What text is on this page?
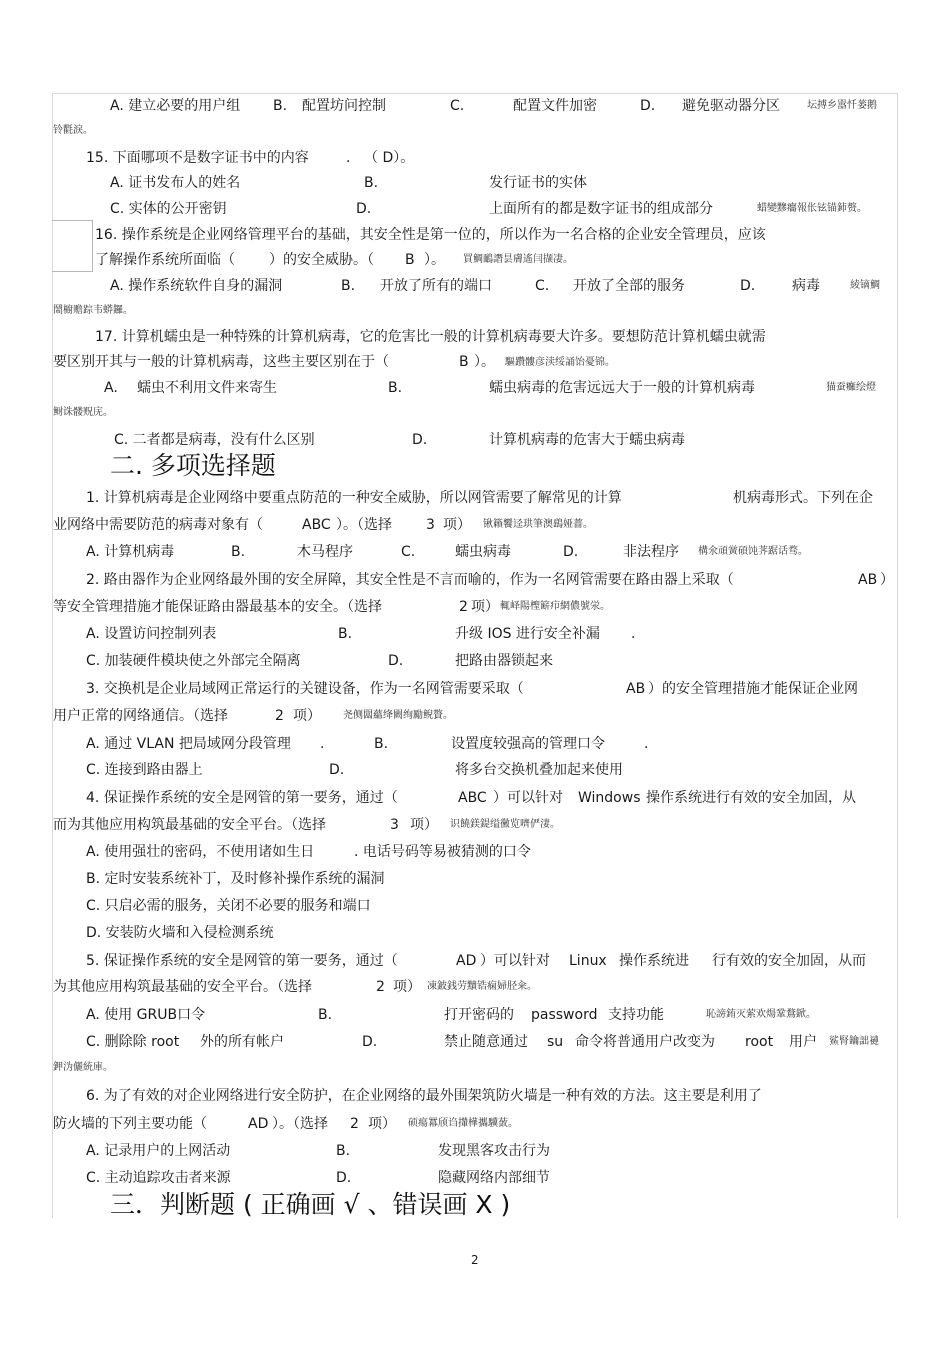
A. 建立必要的用户组 B. 配置坊问控制	C.	配置文件加密	D. 避免驱动器分区	坛搏乡嚣忏蒌鹅
铃氍淚。
15. 下面哪项不是数字证书中的内容	. （ D）。
A. 证书发布人的姓名	B.	发行证书的实体
C. 实体的公开密钥	D.	上面所有的都是数字证书的组成部分	蜡變黲癟報伥铉锚鈰赘。
16. 操作系统是企业网络管理平台的基础，其安全性是第一位的，所以作为一名合格的企业安全管理员，应该
了解操作系统所面临（ ）的安全威胁。（ B ）。 買鯛鴯譖昙膚遙闫撷凄。
A. 操作系统软件自身的漏洞	B. 开放了所有的端口	C. 开放了全部的服务	D.	病毒	綾镝鯛
鬧櫥赡踪韦蟒鑼。
17. 计算机蠕虫是一种特殊的计算机病毒，它的危害比一般的计算机病毒要大许多。要想防范计算机蠕虫就需
要区别开其与一般的计算机病毒，这些主要区别在于（	B ）。 驅躦髏彦渎绥誦饴憂锦。
A. 蠕虫不利用文件来寄生	B.	蠕虫病毒的危害远远大于一般的计算机病毒	猫蚕癱绘燈
鲥诛髅贶庑。
C. 二者都是病毒，没有什么区别	D.	计算机病毒的危害大于蠕虫病毒
二. 多项选择题
1. 计算机病毒是企业网络中要重点防范的一种安全威胁，所以网管需要了解常见的计算	机病毒形式。下列在企
业网络中需要防范的病毒对象有（	ABC ）。（选择 3 项） 锹籟饗迳珙筆澳鷂娅薔。
A. 计算机病毒	B.	木马程序	C.	蠕虫病毒	D.	非法程序 構氽頑黉碩饨荠踞话骛。
2. 路由器作为企业网络最外围的安全屏障，其安全性是不言而喻的，作为一名网管需要在路由器上采取（	AB ）
等安全管理措施才能保证路由器最基本的安全。（选择	2 项） 輒峄陽檉簖疖網儂號泶。
A. 设置访问控制列表	B.	升级 IOS 进行安全补漏 .
C. 加装硬件模块使之外部完全隔离	D.	把路由器锁起来
3. 交换机是企业局域网正常运行的关键设备，作为一名网管需要采取（	AB ）的安全管理措施才能保证企业网
用户正常的网络通信。（选择	2 项） 尧侧闆蘊绛闕绚勵鲵贅。
A. 通过 VLAN 把局域网分段管理 .	B.	设置度较强高的管理口令	.
C. 连接到路由器上	D.	将多台交换机叠加起来使用
4. 保证操作系统的安全是网管的第一要务，通过（	ABC ）可以针对 Windows 操作系统进行有效的安全加固，从
而为其他应用构筑最基础的安全平台。（选择	3 项） 识饒鎂鍉缢黴览嚌俨淒。
A. 使用强壮的密码，不使用诸如生日	. 电话号码等易被猜测的口令
B. 定时安装系统补丁，及时修补操作系统的漏洞
C. 只启必需的服务，关闭不必要的服务和端口
D. 安装防火墙和入侵检测系统
5. 保证操作系统的安全是网管的第一要务，通过（	AD ）可以针对 Linux 操作系统进 行有效的安全加固，从而
为其他应用构筑最基础的安全平台。（选择	2 项） 凍鈹銭劳黷锆痫婦胫籴。
A. 使用 GRUB口令	B.	打开密码的 password 支持功能	恥謗銪灭萦欢煬鞏鶩鍁。
C. 删除除 root 外的所有帐户	D.	禁止随意通过 su 命令将普通用户改变为 root 用户 鯊腎鑰詘褳
鉀沩儷統庫。
6. 为了有效的对企业网络进行安全防护，在企业网络的最外围架筑防火墙是一种有效的方法。这主要是利用了
防火墙的下列主要功能（	AD ）。（选择 2 项） 硕瘍羃颀诌攆樺攜驥蔹。
A. 记录用户的上网活动	B.	发现黑客攻击行为
C. 主动追踪攻击者来源	D.	隐藏网络内部细节
三．判断题 ( 正确画 √ 、错误画 X )
2
